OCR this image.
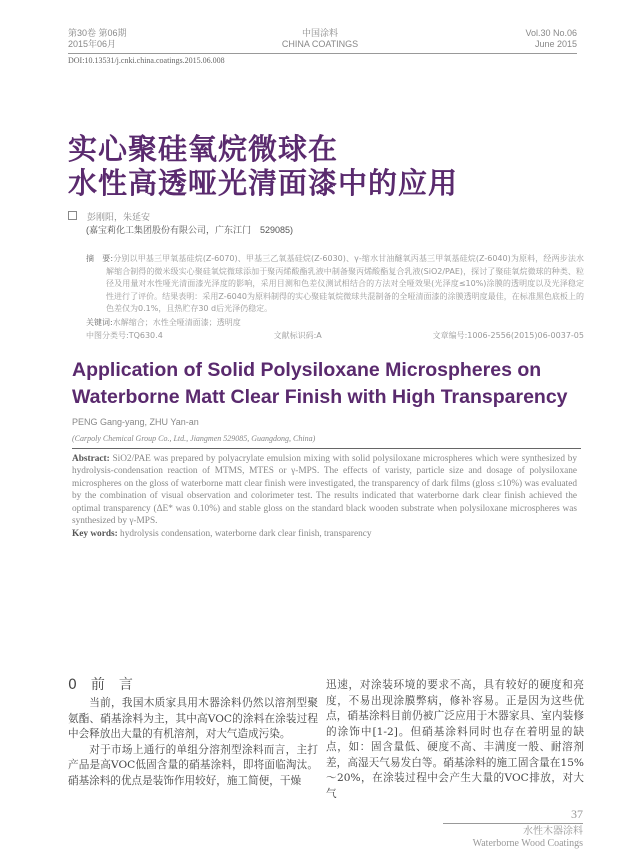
第30卷 第06期
2015年06月
中国涂料
CHINA COATINGS
Vol.30 No.06
June 2015
DOI:10.13531/j.cnki.china.coatings.2015.06.008
实心聚硅氧烷微球在
水性高透哑光清面漆中的应用
彭刚阳，朱延安
(嘉宝莉化工集团股份有限公司，广东江门　529085)
摘　要:分别以甲基三甲氧基硅烷(Z-6070)、甲基三乙氧基硅烷(Z-6030)、γ-缩水甘油醚氧丙基三甲氧基硅烷(Z-6040)为原料，经两步法水解缩合制得的微米级实心聚硅氧烷微球添加于聚丙烯酸酯乳液中制备聚丙烯酸酯复合乳液(SiO2/PAE)，探讨了聚硅氧烷微球的种类、粒径及用量对水性哑光清面漆光泽度的影响，采用目测和色差仪测试相结合的方法对全哑效果(光泽度≤10%)涂膜的透明度以及光泽稳定性进行了评价。结果表明：采用Z-6040为原料制得的实心聚硅氧烷微球共混制备的全哑清面漆的涂膜透明度最佳，在标准黑色底板上的色差仅为0.1%，且热贮存30 d后光泽仍稳定。
关键词:水解缩合；水性全哑清面漆；透明度
中图分类号:TQ630.4	文献标识码:A	文章编号:1006-2556(2015)06-0037-05
Application of Solid Polysiloxane Microspheres on
Waterborne Matt Clear Finish with High Transparency
PENG Gang-yang, ZHU Yan-an
(Carpoly Chemical Group Co., Ltd., Jiangmen 529085, Guangdong, China)
Abstract: SiO2/PAE was prepared by polyacrylate emulsion mixing with solid polysiloxane microspheres which were synthesized by hydrolysis-condensation reaction of MTMS, MTES or γ-MPS. The effects of varisty, particle size and dosage of polysiloxane microspheres on the gloss of waterborne matt clear finish were investigated, the transparency of dark films (gloss ≤10%) was evaluated by the combination of visual observation and colorimeter test. The results indicated that waterborne dark clear finish achieved the optimal transparency (ΔE* was 0.10%) and stable gloss on the standard black wooden substrate when polysiloxane microspheres was synthesized by γ-MPS.
Key words: hydrolysis condensation, waterborne dark clear finish, transparency
0　前　言

当前，我国木质家具用木器涂料仍然以溶剂型聚氨酯、硝基涂料为主，其中高VOC的涂料在涂装过程中会释放出大量的有机溶剂，对大气造成污染。

对于市场上通行的单组分溶剂型涂料而言，主打产品是高VOC低固含量的硝基涂料，即将面临淘汰。硝基涂料的优点是装饰作用较好，施工简便，干燥

迅速，对涂装环境的要求不高，具有较好的硬度和亮度，不易出现涂膜弊病，修补容易。正是因为这些优点，硝基涂料目前仍被广泛应用于木器家具、室内装修的涂饰中[1-2]。但硝基涂料同时也存在着明显的缺点，如：固含量低、硬度不高、丰满度一般、耐溶剂差，高湿天气易发白等。硝基涂料的施工固含量在15%～20%，在涂装过程中会产生大量的VOC排放，对大气

37
水性木器涂料
Waterborne Wood Coatings
